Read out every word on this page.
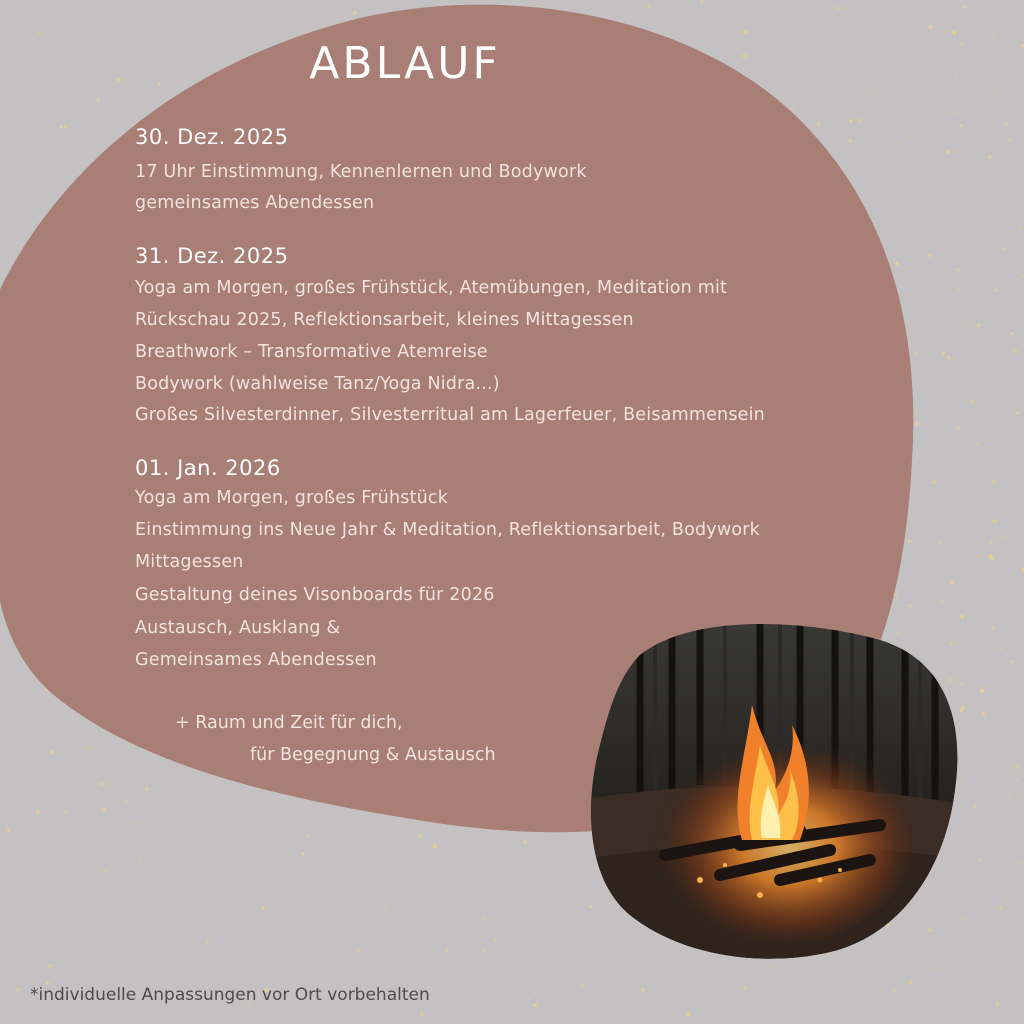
ABLAUF
30. Dez. 2025
17 Uhr Einstimmung, Kennenlernen und Bodywork
gemeinsames Abendessen
31. Dez. 2025
Yoga am Morgen, großes Frühstück, Atemübungen, Meditation mit
Rückschau 2025, Reflektionsarbeit, kleines Mittagessen
Breathwork – Transformative Atemreise
Bodywork (wahlweise Tanz/Yoga Nidra...)
Großes Silvesterdinner, Silvesterritual am Lagerfeuer, Beisammensein
01. Jan. 2026
Yoga am Morgen, großes Frühstück
Einstimmung ins Neue Jahr & Meditation, Reflektionsarbeit, Bodywork
Mittagessen
Gestaltung deines Visonboards für 2026
Austausch, Ausklang &
Gemeinsames Abendessen
+ Raum und Zeit für dich,
für Begegnung & Austausch
*individuelle Anpassungen vor Ort vorbehalten
